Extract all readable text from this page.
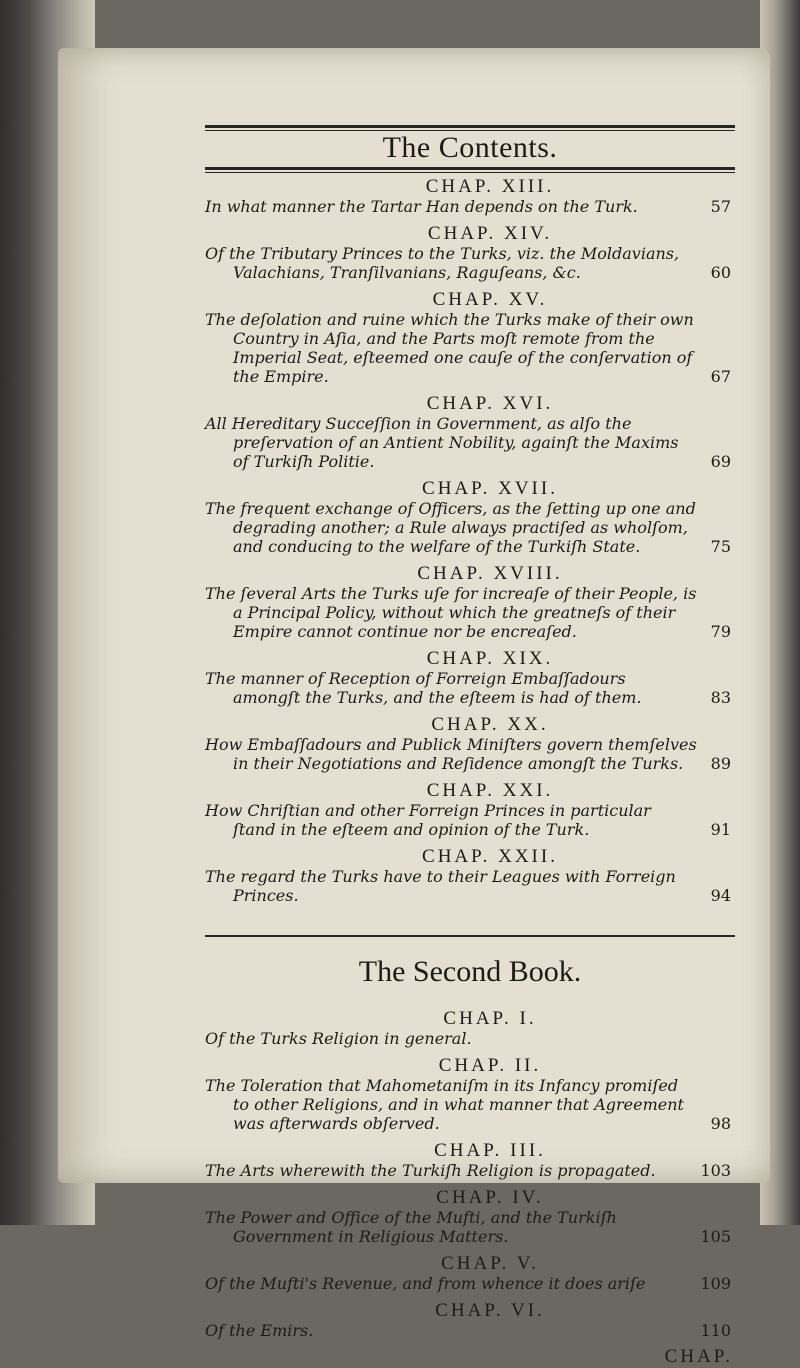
The Contents.
CHAP. XIII.
In what manner the Tartar Han depends on the Turk.	57
CHAP. XIV.
Of the Tributary Princes to the Turks, viz. the Moldavians, Valachians, Tranſilvanians, Raguſeans, &c.	60
CHAP. XV.
The deſolation and ruine which the Turks make of their own Country in Aſia, and the Parts moſt remote from the Imperial Seat, eſteemed one cauſe of the conſervation of the Empire.	67
CHAP. XVI.
All Hereditary Succeſſion in Government, as alſo the preſervation of an Antient Nobility, againſt the Maxims of Turkiſh Politie.	69
CHAP. XVII.
The frequent exchange of Officers, as the ſetting up one and degrading another; a Rule always practiſed as wholſom, and conducing to the welfare of the Turkiſh State.	75
CHAP. XVIII.
The ſeveral Arts the Turks uſe for increaſe of their People, is a Principal Policy, without which the greatneſs of their Empire cannot continue nor be encreaſed.	79
CHAP. XIX.
The manner of Reception of Forreign Embaſſadours amongſt the Turks, and the eſteem is had of them.	83
CHAP. XX.
How Embaſſadours and Publick Miniſters govern themſelves in their Negotiations and Reſidence amongſt the Turks.	89
CHAP. XXI.
How Chriſtian and other Forreign Princes in particular ſtand in the eſteem and opinion of the Turk.	91
CHAP. XXII.
The regard the Turks have to their Leagues with Forreign Princes.	94
The Second Book.
CHAP. I.
Of the Turks Religion in general.
CHAP. II.
The Toleration that Mahometaniſm in its Infancy promiſed to other Religions, and in what manner that Agreement was afterwards obſerved.	98
CHAP. III.
The Arts wherewith the Turkiſh Religion is propagated.	103
CHAP. IV.
The Power and Office of the Mufti, and the Turkiſh Government in Religious Matters.	105
CHAP. V.
Of the Mufti's Revenue, and from whence it does ariſe	109
CHAP. VI.
Of the Emirs.	110
CHAP.
